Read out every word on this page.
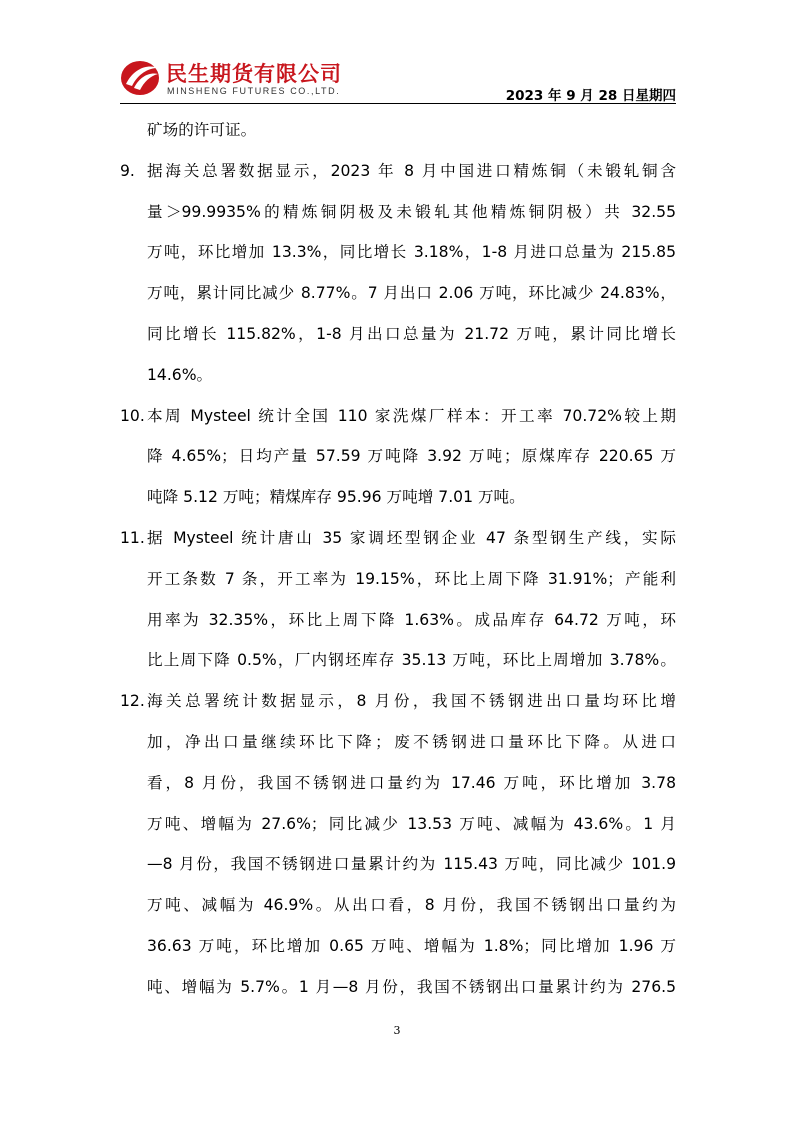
民生期货有限公司
MINSHENG FUTURES CO.,LTD.	2023 年 9 月 28 日星期四
矿场的许可证。
9. 据海关总署数据显示，2023 年 8 月中国进口精炼铜（未锻轧铜含
量＞99.9935%的精炼铜阴极及未锻轧其他精炼铜阴极）共 32.55
万吨，环比增加 13.3%，同比增长 3.18%，1-8 月进口总量为 215.85
万吨，累计同比减少 8.77%。7 月出口 2.06 万吨，环比减少 24.83%，
同比增长 115.82%，1-8 月出口总量为 21.72 万吨，累计同比增长
14.6%。
10. 本周 Mysteel 统计全国 110 家洗煤厂样本：开工率 70.72%较上期
降 4.65%；日均产量 57.59 万吨降 3.92 万吨；原煤库存 220.65 万
吨降 5.12 万吨；精煤库存 95.96 万吨增 7.01 万吨。
11. 据 Mysteel 统计唐山 35 家调坯型钢企业 47 条型钢生产线，实际
开工条数 7 条，开工率为 19.15%，环比上周下降 31.91%；产能利
用率为 32.35%，环比上周下降 1.63%。成品库存 64.72 万吨，环
比上周下降 0.5%，厂内钢坯库存 35.13 万吨，环比上周增加 3.78%。
12. 海关总署统计数据显示，8 月份，我国不锈钢进出口量均环比增
加，净出口量继续环比下降；废不锈钢进口量环比下降。从进口
看，8 月份，我国不锈钢进口量约为 17.46 万吨，环比增加 3.78
万吨、增幅为 27.6%；同比减少 13.53 万吨、减幅为 43.6%。1 月
—8 月份，我国不锈钢进口量累计约为 115.43 万吨，同比减少 101.9
万吨、减幅为 46.9%。从出口看，8 月份，我国不锈钢出口量约为
36.63 万吨，环比增加 0.65 万吨、增幅为 1.8%；同比增加 1.96 万
吨、增幅为 5.7%。1 月—8 月份，我国不锈钢出口量累计约为 276.5
3
